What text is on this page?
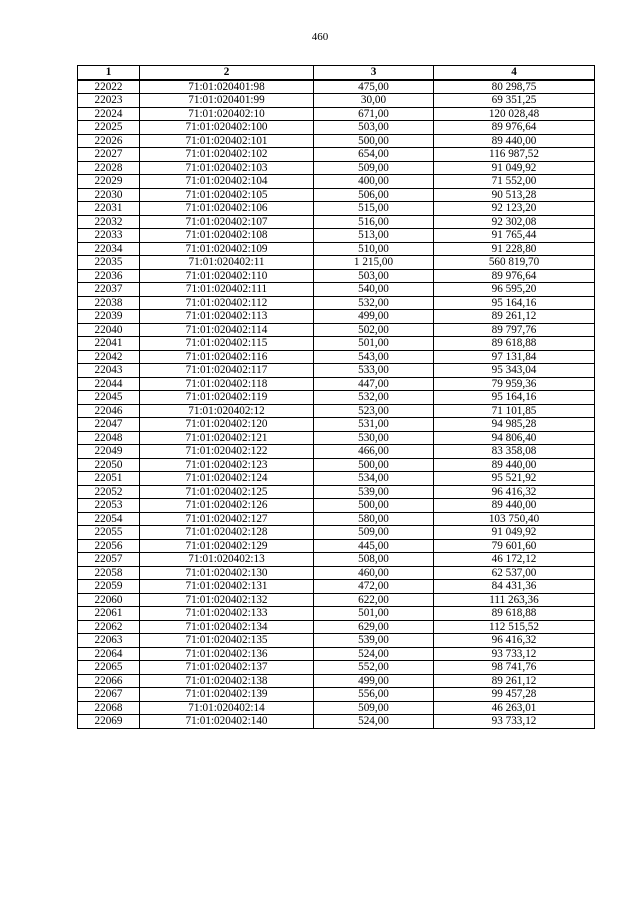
460
1	2	3	4
22022	71:01:020401:98	475,00	80 298,75
22023	71:01:020401:99	30,00	69 351,25
22024	71:01:020402:10	671,00	120 028,48
22025	71:01:020402:100	503,00	89 976,64
22026	71:01:020402:101	500,00	89 440,00
22027	71:01:020402:102	654,00	116 987,52
22028	71:01:020402:103	509,00	91 049,92
22029	71:01:020402:104	400,00	71 552,00
22030	71:01:020402:105	506,00	90 513,28
22031	71:01:020402:106	515,00	92 123,20
22032	71:01:020402:107	516,00	92 302,08
22033	71:01:020402:108	513,00	91 765,44
22034	71:01:020402:109	510,00	91 228,80
22035	71:01:020402:11	1 215,00	560 819,70
22036	71:01:020402:110	503,00	89 976,64
22037	71:01:020402:111	540,00	96 595,20
22038	71:01:020402:112	532,00	95 164,16
22039	71:01:020402:113	499,00	89 261,12
22040	71:01:020402:114	502,00	89 797,76
22041	71:01:020402:115	501,00	89 618,88
22042	71:01:020402:116	543,00	97 131,84
22043	71:01:020402:117	533,00	95 343,04
22044	71:01:020402:118	447,00	79 959,36
22045	71:01:020402:119	532,00	95 164,16
22046	71:01:020402:12	523,00	71 101,85
22047	71:01:020402:120	531,00	94 985,28
22048	71:01:020402:121	530,00	94 806,40
22049	71:01:020402:122	466,00	83 358,08
22050	71:01:020402:123	500,00	89 440,00
22051	71:01:020402:124	534,00	95 521,92
22052	71:01:020402:125	539,00	96 416,32
22053	71:01:020402:126	500,00	89 440,00
22054	71:01:020402:127	580,00	103 750,40
22055	71:01:020402:128	509,00	91 049,92
22056	71:01:020402:129	445,00	79 601,60
22057	71:01:020402:13	508,00	46 172,12
22058	71:01:020402:130	460,00	62 537,00
22059	71:01:020402:131	472,00	84 431,36
22060	71:01:020402:132	622,00	111 263,36
22061	71:01:020402:133	501,00	89 618,88
22062	71:01:020402:134	629,00	112 515,52
22063	71:01:020402:135	539,00	96 416,32
22064	71:01:020402:136	524,00	93 733,12
22065	71:01:020402:137	552,00	98 741,76
22066	71:01:020402:138	499,00	89 261,12
22067	71:01:020402:139	556,00	99 457,28
22068	71:01:020402:14	509,00	46 263,01
22069	71:01:020402:140	524,00	93 733,12
